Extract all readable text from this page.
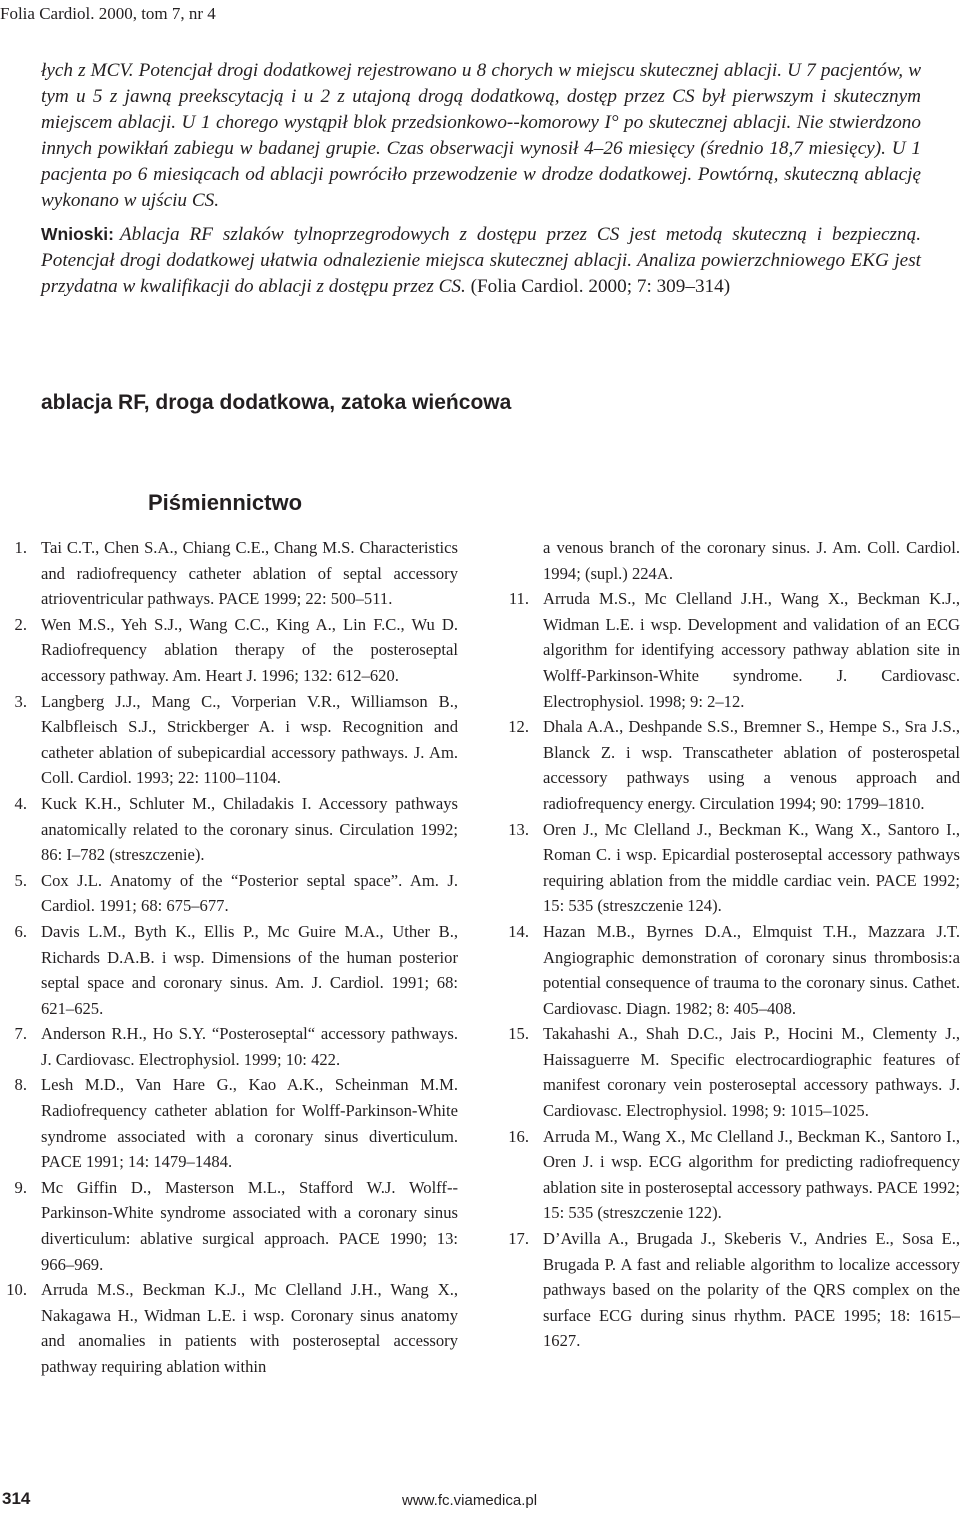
Folia Cardiol. 2000, tom 7, nr 4

łych z MCV. Potencjał drogi dodatkowej rejestrowano u 8 chorych w miejscu skutecznej ablacji. U 7 pacjentów, w tym u 5 z jawną preekscytacją i u 2 z utajoną drogą dodatkową, dostęp przez CS był pierwszym i skutecznym miejscem ablacji. U 1 chorego wystąpił blok przedsionkowo--komorowy I° po skutecznej ablacji. Nie stwierdzono innych powikłań zabiegu w badanej grupie. Czas obserwacji wynosił 4–26 miesięcy (średnio 18,7 miesięcy). U 1 pacjenta po 6 miesiącach od ablacji powróciło przewodzenie w drodze dodatkowej. Powtórną, skuteczną ablację wykonano w ujściu CS.

Wnioski: Ablacja RF szlaków tylnoprzegrodowych z dostępu przez CS jest metodą skuteczną i bezpieczną. Potencjał drogi dodatkowej ułatwia odnalezienie miejsca skutecznej ablacji. Analiza powierzchniowego EKG jest przydatna w kwalifikacji do ablacji z dostępu przez CS. (Folia Cardiol. 2000; 7: 309–314)

ablacja RF, droga dodatkowa, zatoka wieńcowa
Piśmiennictwo
1 . Tai C.T., Chen S.A., Chiang C.E., Chang M.S. Characteristics and radiofrequency catheter ablation of septal accessory atrioventricular pathways. PACE 1999; 22: 500–511.
2 . Wen M.S., Yeh S.J., Wang C.C., King A., Lin F.C., Wu D. Radiofrequency ablation therapy of the posteroseptal accessory pathway. Am. Heart J. 1996; 132: 612–620.
3 . Langberg J.J., Mang C., Vorperian V.R., Williamson B., Kalbfleisch S.J., Strickberger A. i wsp. Recognition and catheter ablation of subepicardial accessory pathways. J. Am. Coll. Cardiol. 1993; 22: 1100–1104.
4 . Kuck K.H., Schluter M., Chiladakis I. Accessory pathways anatomically related to the coronary sinus. Circulation 1992; 86: I–782 (streszczenie).
5 . Cox J.L. Anatomy of the “Posterior septal space”. Am. J. Cardiol. 1991; 68: 675–677.
6 . Davis L.M., Byth K., Ellis P., Mc Guire M.A., Uther B., Richards D.A.B. i wsp. Dimensions of the human posterior septal space and coronary sinus. Am. J. Cardiol. 1991; 68: 621–625.
7 . Anderson R.H., Ho S.Y. “Posteroseptal“ accessory pathways. J. Cardiovasc. Electrophysiol. 1999; 10: 422.
8 . Lesh M.D., Van Hare G., Kao A.K., Scheinman M.M. Radiofrequency catheter ablation for Wolff-Parkinson-White syndrome associated with a coronary sinus diverticulum. PACE 1991; 14: 1479–1484.
9 . Mc Giffin D., Masterson M.L., Stafford W.J. Wolff--Parkinson-White syndrome associated with a coronary sinus diverticulum: ablative surgical approach. PACE 1990; 13: 966–969.
10 . Arruda M.S., Beckman K.J., Mc Clelland J.H., Wang X., Nakagawa H., Widman L.E. i wsp. Coronary sinus anatomy and anomalies in patients with posteroseptal accessory pathway requiring ablation within
a venous branch of the coronary sinus. J. Am. Coll. Cardiol. 1994; (supl.) 224A.
11 . Arruda M.S., Mc Clelland J.H., Wang X., Beckman K.J., Widman L.E. i wsp. Development and validation of an ECG algorithm for identifying accessory pathway ablation site in Wolff-Parkinson-White syndrome. J. Cardiovasc. Electrophysiol. 1998; 9: 2–12.
12 . Dhala A.A., Deshpande S.S., Bremner S., Hempe S., Sra J.S., Blanck Z. i wsp. Transcatheter ablation of posterospetal accessory pathways using a venous approach and radiofrequency energy. Circulation 1994; 90: 1799–1810.
13 . Oren J., Mc Clelland J., Beckman K., Wang X., Santoro I., Roman C. i wsp. Epicardial posteroseptal accessory pathways requiring ablation from the middle cardiac vein. PACE 1992; 15: 535 (streszczenie 124).
14 . Hazan M.B., Byrnes D.A., Elmquist T.H., Mazzara J.T. Angiographic demonstration of coronary sinus thrombosis:a potential consequence of trauma to the coronary sinus. Cathet. Cardiovasc. Diagn. 1982; 8: 405–408.
15 . Takahashi A., Shah D.C., Jais P., Hocini M., Clementy J., Haissaguerre M. Specific electrocardiographic features of manifest coronary vein posteroseptal accessory pathways. J. Cardiovasc. Electrophysiol. 1998; 9: 1015–1025.
16 . Arruda M., Wang X., Mc Clelland J., Beckman K., Santoro I., Oren J. i wsp. ECG algorithm for predicting radiofrequency ablation site in posteroseptal accessory pathways. PACE 1992; 15: 535 (streszczenie 122).
17 . D’Avilla A., Brugada J., Skeberis V., Andries E., Sosa E., Brugada P. A fast and reliable algorithm to localize accessory pathways based on the polarity of the QRS complex on the surface ECG during sinus rhythm. PACE 1995; 18: 1615–1627.
314	www.fc.viamedica.pl
